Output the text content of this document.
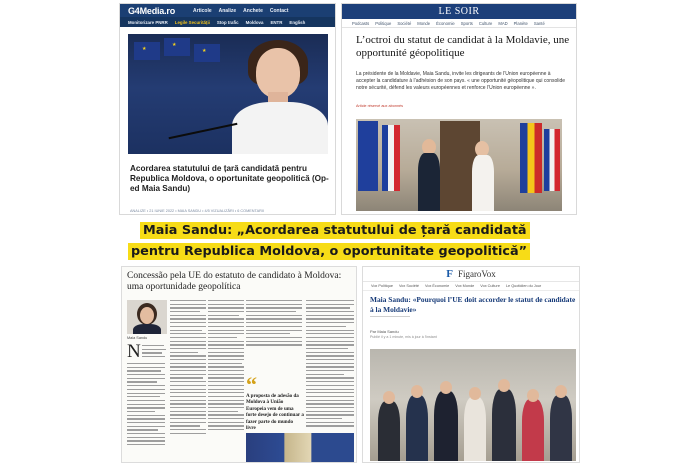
G4Media.ro	Articole Analize Anchete Contact
Monitorizare PNRR Legile Securității Stop trafic Moldova ENTR English
★
★
★
Acordarea statutului de țară candidată pentru Republica Moldova, o oportunitate geopolitică (Op-ed Maia Sandu)
ANALIZE • 21 IUNIE 2022 • MAIA SANDU • 4/5 VIZUALIZĂRI • 6 COMENTARII
LE SOIR
Podcasts Politique Société Monde Économie Sports Culture MAD Planète Santé
L’octroi du statut de candidat à la Moldavie, une opportunité géopolitique
La présidente de la Moldavie, Maia Sandu, invite les dirigeants de l’Union européenne à accepter la candidature à l’adhésion de son pays. « une opportunité géopolitique qui consolide notre sécurité, défend les valeurs européennes et renforce l’Union européenne ».
Article réservé aux abonnés
Maia Sandu: „Acordarea statutului de țară candidată
pentru Republica Moldova, o oportunitate geopolitică”
Concessão pela UE do estatuto de candidato à Moldova: uma oportunidade geopolítica
Maia Sandu
N
“
A proposta de adesão da Moldova à União Europeia vem de uma forte desejo de continuar a fazer parte do mundo livre
F FigaroVox
Vox Politique Vox Société Vox Économie Vox Monde Vox Culture Le Quotidien du Jour
Maia Sandu: «Pourquoi l’UE doit accorder le statut de candidate à la Moldavie»
Par Maia Sandu
Publié il y a 1 minute, mis à jour à l'instant
